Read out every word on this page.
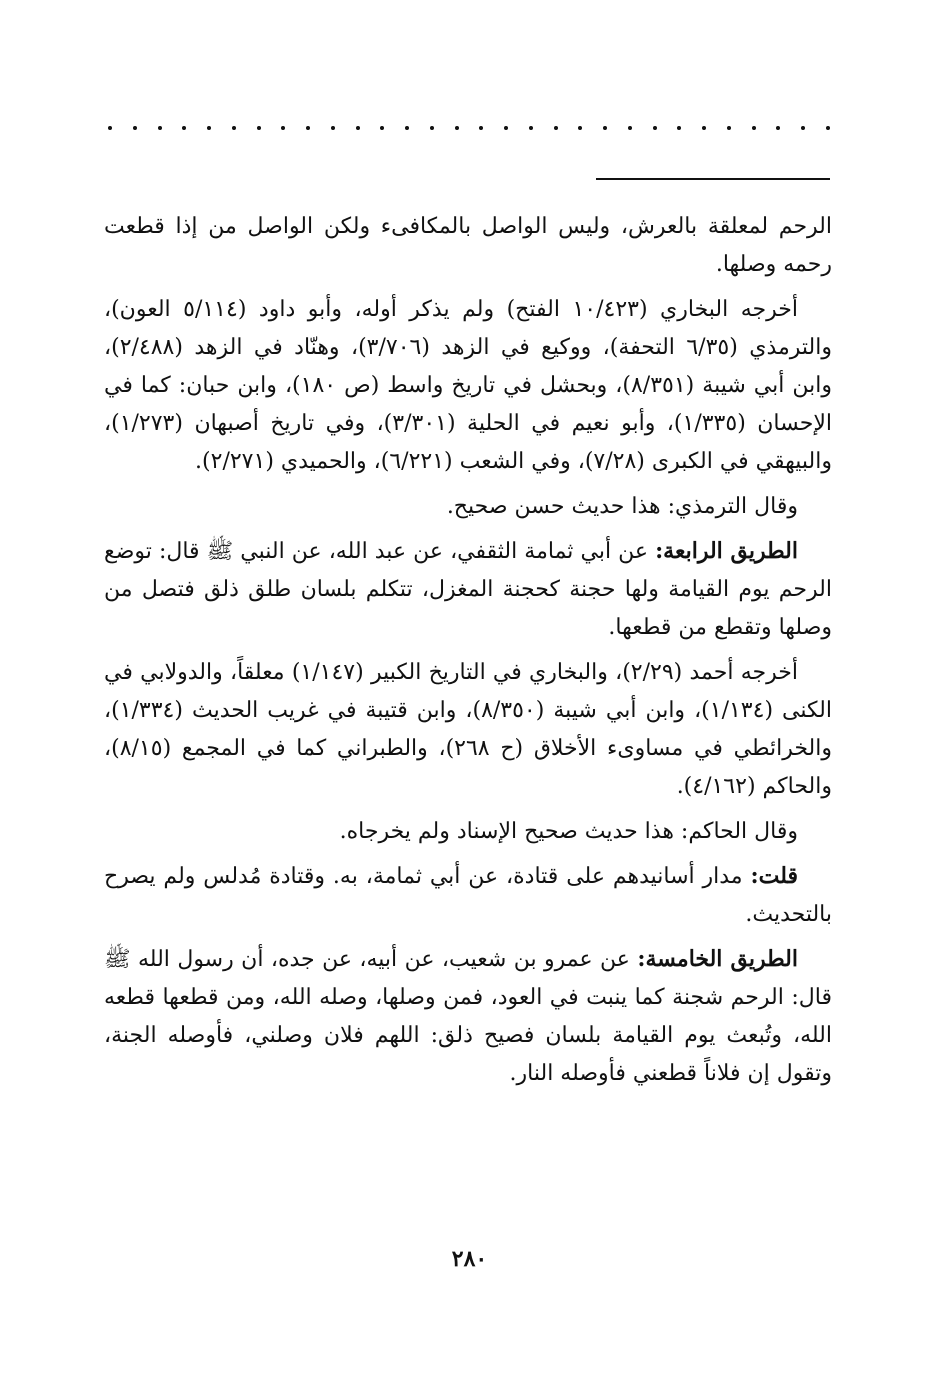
الرحم لمعلقة بالعرش، وليس الواصل بالمكافىء ولكن الواصل من إذا قطعت رحمه وصلها.

أخرجه البخاري (١٠/٤٢٣ الفتح) ولم يذكر أوله، وأبو داود (٥/١١٤ العون)، والترمذي (٦/٣٥ التحفة)، ووكيع في الزهد (٣/٧٠٦)، وهنّاد في الزهد (٢/٤٨٨)، وابن أبي شيبة (٨/٣٥١)، وبحشل في تاريخ واسط (ص ١٨٠)، وابن حبان: كما في الإحسان (١/٣٣٥)، وأبو نعيم في الحلية (٣/٣٠١)، وفي تاريخ أصبهان (١/٢٧٣)، والبيهقي في الكبرى (٧/٢٨)، وفي الشعب (٦/٢٢١)، والحميدي (٢/٢٧١).

وقال الترمذي: هذا حديث حسن صحيح.

الطريق الرابعة: عن أبي ثمامة الثقفي، عن عبد الله، عن النبي ﷺ قال: توضع الرحم يوم القيامة ولها حجنة كحجنة المغزل، تتكلم بلسان طلق ذلق فتصل من وصلها وتقطع من قطعها.

أخرجه أحمد (٢/٢٩)، والبخاري في التاريخ الكبير (١/١٤٧) معلقاً، والدولابي في الكنى (١/١٣٤)، وابن أبي شيبة (٨/٣٥٠)، وابن قتيبة في غريب الحديث (١/٣٣٤)، والخرائطي في مساوىء الأخلاق (ح ٢٦٨)، والطبراني كما في المجمع (٨/١٥)، والحاكم (٤/١٦٢).

وقال الحاكم: هذا حديث صحيح الإسناد ولم يخرجاه.

قلت: مدار أسانيدهم على قتادة، عن أبي ثمامة، به. وقتادة مُدلس ولم يصرح بالتحديث.

الطريق الخامسة: عن عمرو بن شعيب، عن أبيه، عن جده، أن رسول الله ﷺ قال: الرحم شجنة كما ينبت في العود، فمن وصلها، وصله الله، ومن قطعها قطعه الله، وتُبعث يوم القيامة بلسان فصيح ذلق: اللهم فلان وصلني، فأوصله الجنة، وتقول إن فلاناً قطعني فأوصله النار.

٢٨٠
